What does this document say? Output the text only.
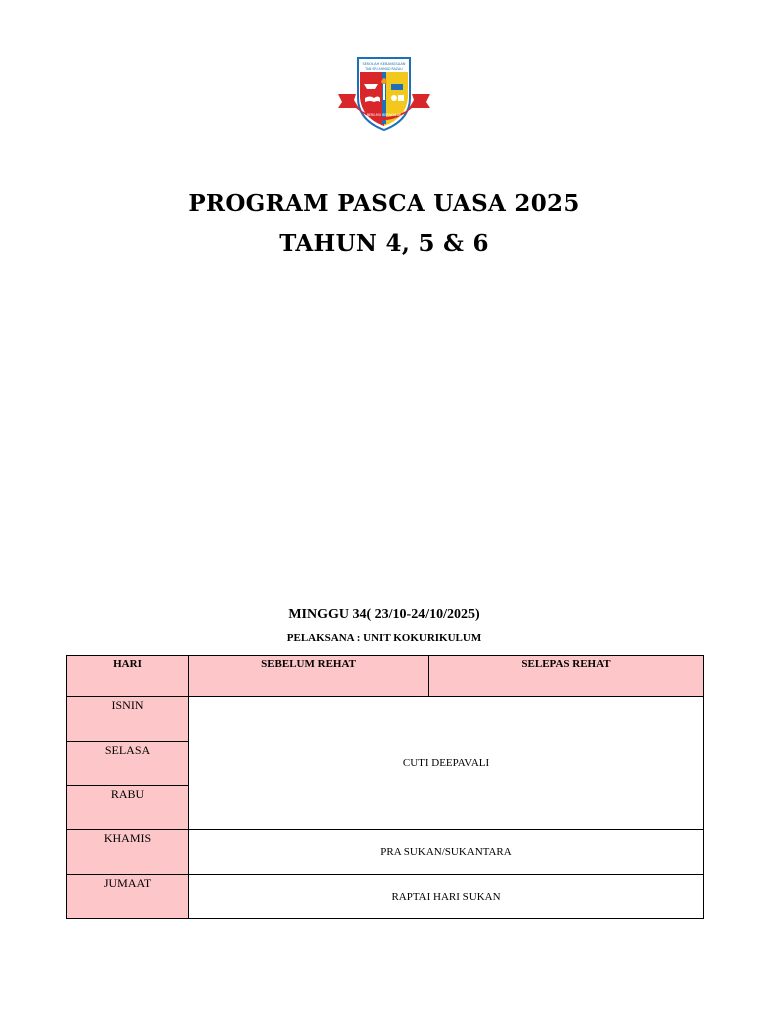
SEKOLAH KEBANGSAAN
TAN SRI AHMAD RAZALI
BERILMU BERAKHLAK
PROGRAM PASCA UASA 2025
TAHUN 4, 5 & 6
MINGGU 34( 23/10-24/10/2025)
PELAKSANA : UNIT KOKURIKULUM
HARI	SEBELUM REHAT	SELEPAS REHAT
ISNIN	CUTI DEEPAVALI	
SELASA		
RABU		
KHAMIS	PRA SUKAN/SUKANTARA	
JUMAAT	RAPTAI HARI SUKAN	
